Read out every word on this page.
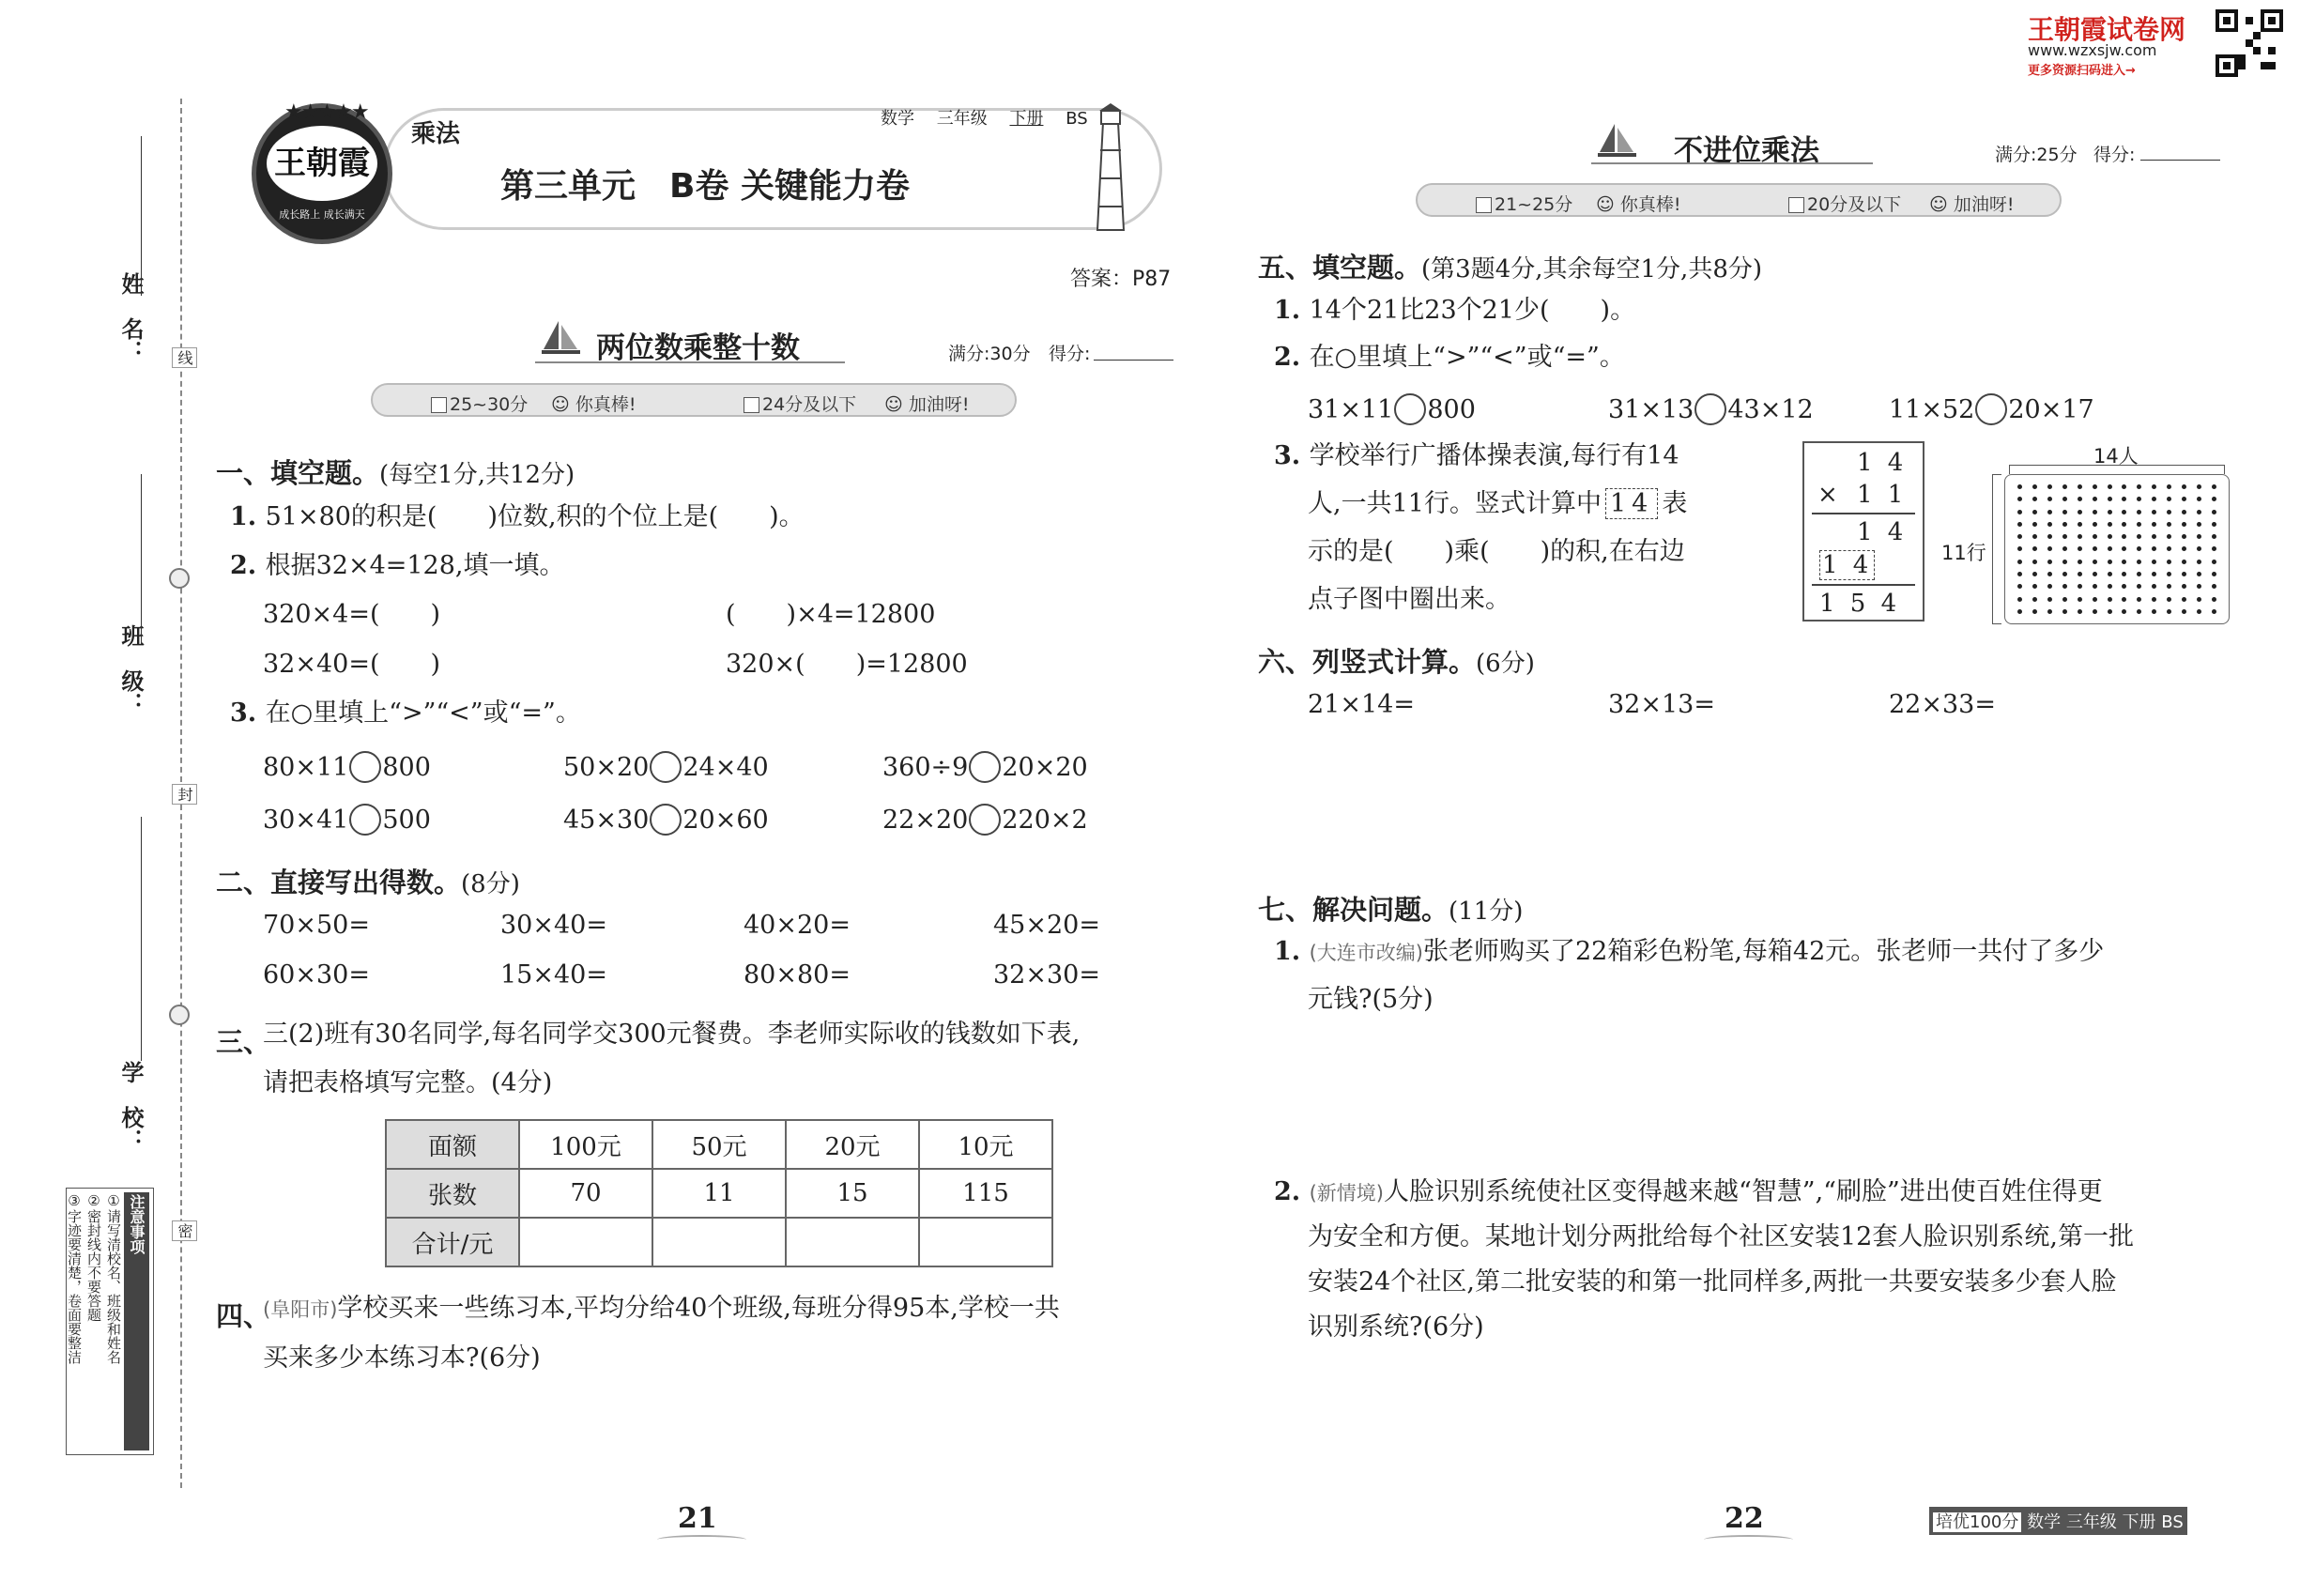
姓　名：
班　级：
学　校：
线
封
密
注意事项
①请写清校名、班级和姓名
②密封线内不要答题
③字迹要清楚，卷面要整洁
★★★★★
王朝霞
成长路上 成长满天
乘法
数学 三年级 下册 BS
第三单元　B卷 关键能力卷
答案：P87
两位数乘整十数	满分:30分 得分:
25~30分 ☺ 你真棒!	24分及以下 ☺ 加油呀!
一、填空题。(每空1分,共12分)
1. 51×80的积是(　　)位数,积的个位上是(　　)。
2. 根据32×4=128,填一填。
320×4=(　　)	(　　)×4=12800
32×40=(　　)	320×(　　)=12800
3. 在○里填上“>”“<”或“=”。
80×11 800	50×20 24×40	360÷9 20×20
30×41 500	45×30 20×60	22×20 220×2
二、直接写出得数。(8分)
70×50=	30×40=	40×20=	45×20=
60×30=	15×40=	80×80=	32×30=
三、
三(2)班有30名同学,每名同学交300元餐费。李老师实际收的钱数如下表,
请把表格填写完整。(4分)
面额	100元	50元	20元	10元
张数	70	11	15	115
合计/元				
四、
(阜阳市)学校买来一些练习本,平均分给40个班级,每班分得95本,学校一共
买来多少本练习本?(6分)
21
王朝霞试卷网
www.wzxsjw.com
更多资源扫码进入→
不进位乘法	满分:25分 得分:
21~25分 ☺ 你真棒!	20分及以下 ☺ 加油呀!
五、填空题。(第3题4分,其余每空1分,共8分)
1. 14个21比23个21少(　　)。
2. 在○里填上“>”“<”或“=”。
31×11 800	31×13 43×12	11×52 20×17
3. 学校举行广播体操表演,每行有14
人,一共11行。竖式计算中 14 表
示的是(　　)乘(　　)的积,在右边
点子图中圈出来。
1 4
× 1 1
1 4
1 4
1 5 4
14人
11行
六、列竖式计算。(6分)
21×14=	32×13=	22×33=
七、解决问题。(11分)
1. (大连市改编)张老师购买了22箱彩色粉笔,每箱42元。张老师一共付了多少
元钱?(5分)
2. (新情境)人脸识别系统使社区变得越来越“智慧”,“刷脸”进出使百姓住得更
为安全和方便。某地计划分两批给每个社区安装12套人脸识别系统,第一批
安装24个社区,第二批安装的和第一批同样多,两批一共要安装多少套人脸
识别系统?(6分)
22	培优100分 数学 三年级 下册 BS
